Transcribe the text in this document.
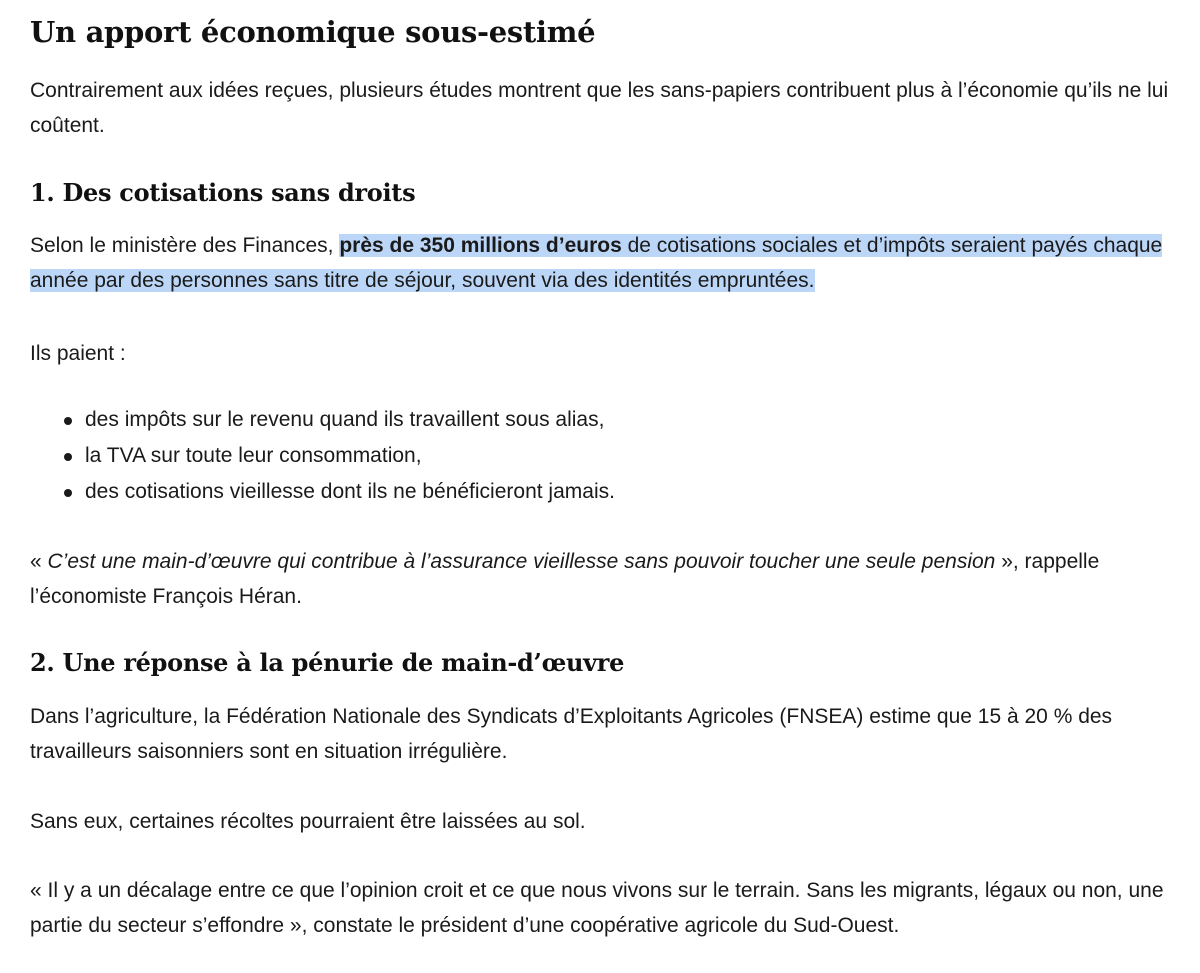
Un apport économique sous-estimé

Contrairement aux idées reçues, plusieurs études montrent que les sans-papiers contribuent plus à l’économie qu’ils ne lui coûtent.

1. Des cotisations sans droits

Selon le ministère des Finances, près de 350 millions d’euros de cotisations sociales et d’impôts seraient payés chaque année par des personnes sans titre de séjour, souvent via des identités empruntées.

Ils paient :

des impôts sur le revenu quand ils travaillent sous alias,
la TVA sur toute leur consommation,
des cotisations vieillesse dont ils ne bénéficieront jamais.

« C’est une main-d’œuvre qui contribue à l’assurance vieillesse sans pouvoir toucher une seule pension », rappelle l’économiste François Héran.

2. Une réponse à la pénurie de main-d’œuvre

Dans l’agriculture, la Fédération Nationale des Syndicats d’Exploitants Agricoles (FNSEA) estime que 15 à 20 % des travailleurs saisonniers sont en situation irrégulière.

Sans eux, certaines récoltes pourraient être laissées au sol.

« Il y a un décalage entre ce que l’opinion croit et ce que nous vivons sur le terrain. Sans les migrants, légaux ou non, une partie du secteur s’effondre », constate le président d’une coopérative agricole du Sud-Ouest.
